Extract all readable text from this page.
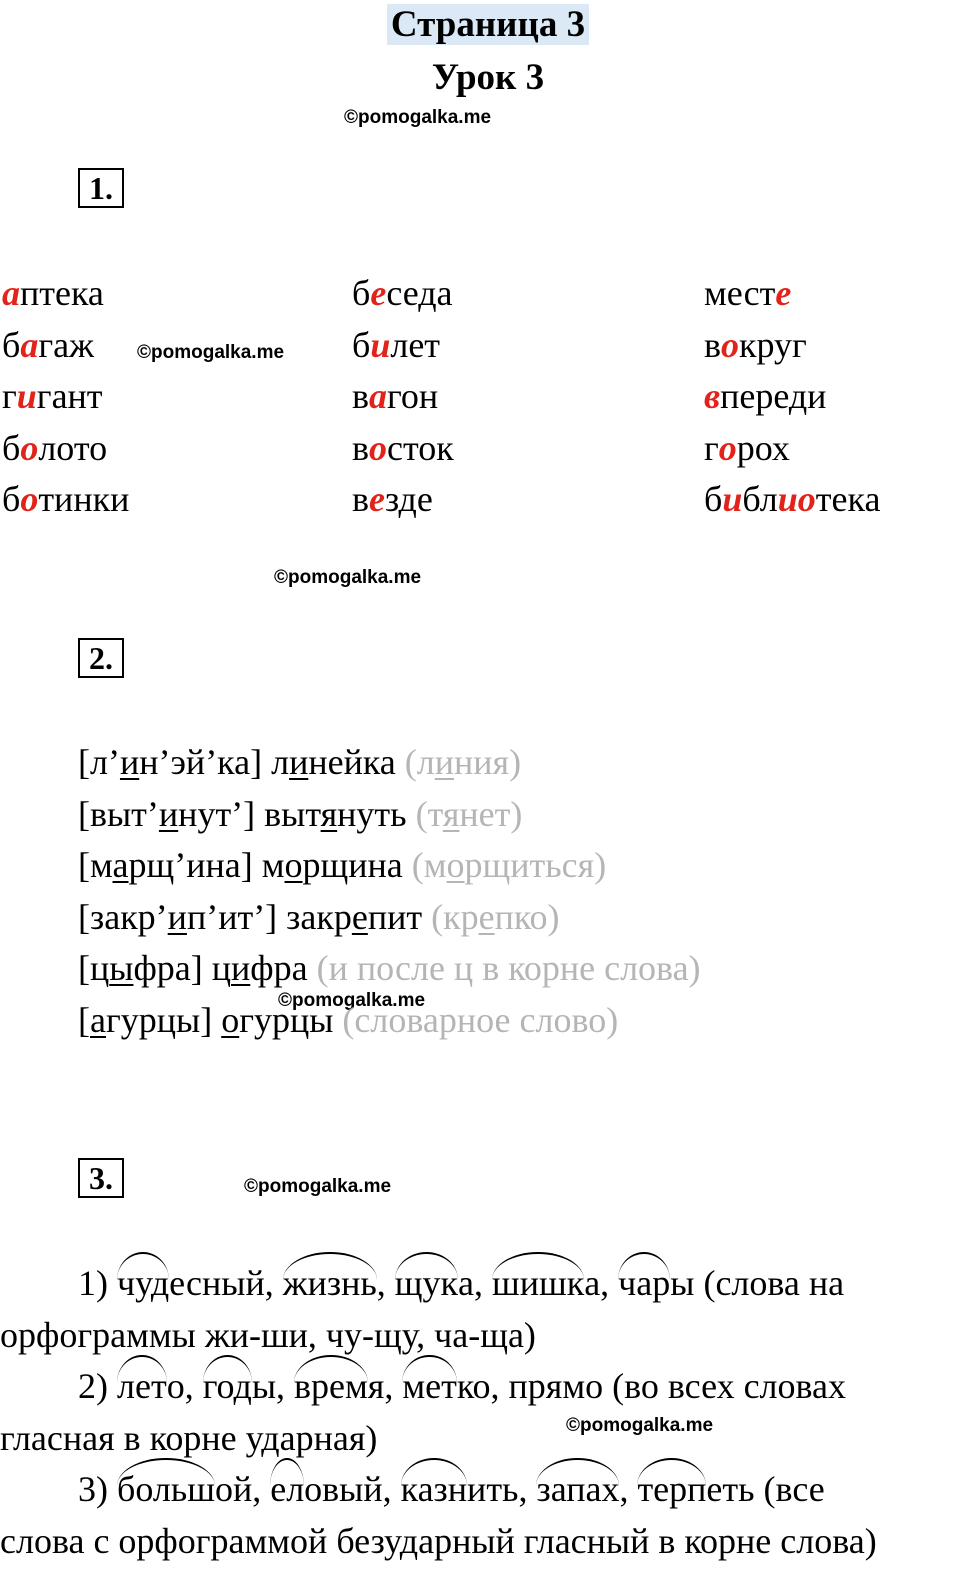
Страница 3
Урок 3
©pomogalka.me
©pomogalka.me
©pomogalka.me
©pomogalka.me
©pomogalka.me
©pomogalka.me
1.
аптека
багаж
гигант
болото
ботинки
беседа
билет
вагон
восток
везде
месте
вокруг
впереди
горох
библиотека
2.
[л’ин’эй’ка] линейка (линия)
[выт’инут’] вытянуть (тянет)
[марщ’ина] морщина (морщиться)
[закр’ип’ит’] закрепит (крепко)
[цыфра] цифра (и после ц в корне слова)
[агурцы] огурцы (словарное слово)
3.
1) чудесный, жизнь, щука, шишка, чары (слова на
орфограммы жи-ши, чу-щу, ча-ща)
2) лето, годы, время, метко, прямо (во всех словах
гласная в корне ударная)
3) большой, еловый, казнить, запах, терпеть (все
слова с орфограммой безударный гласный в корне слова)
